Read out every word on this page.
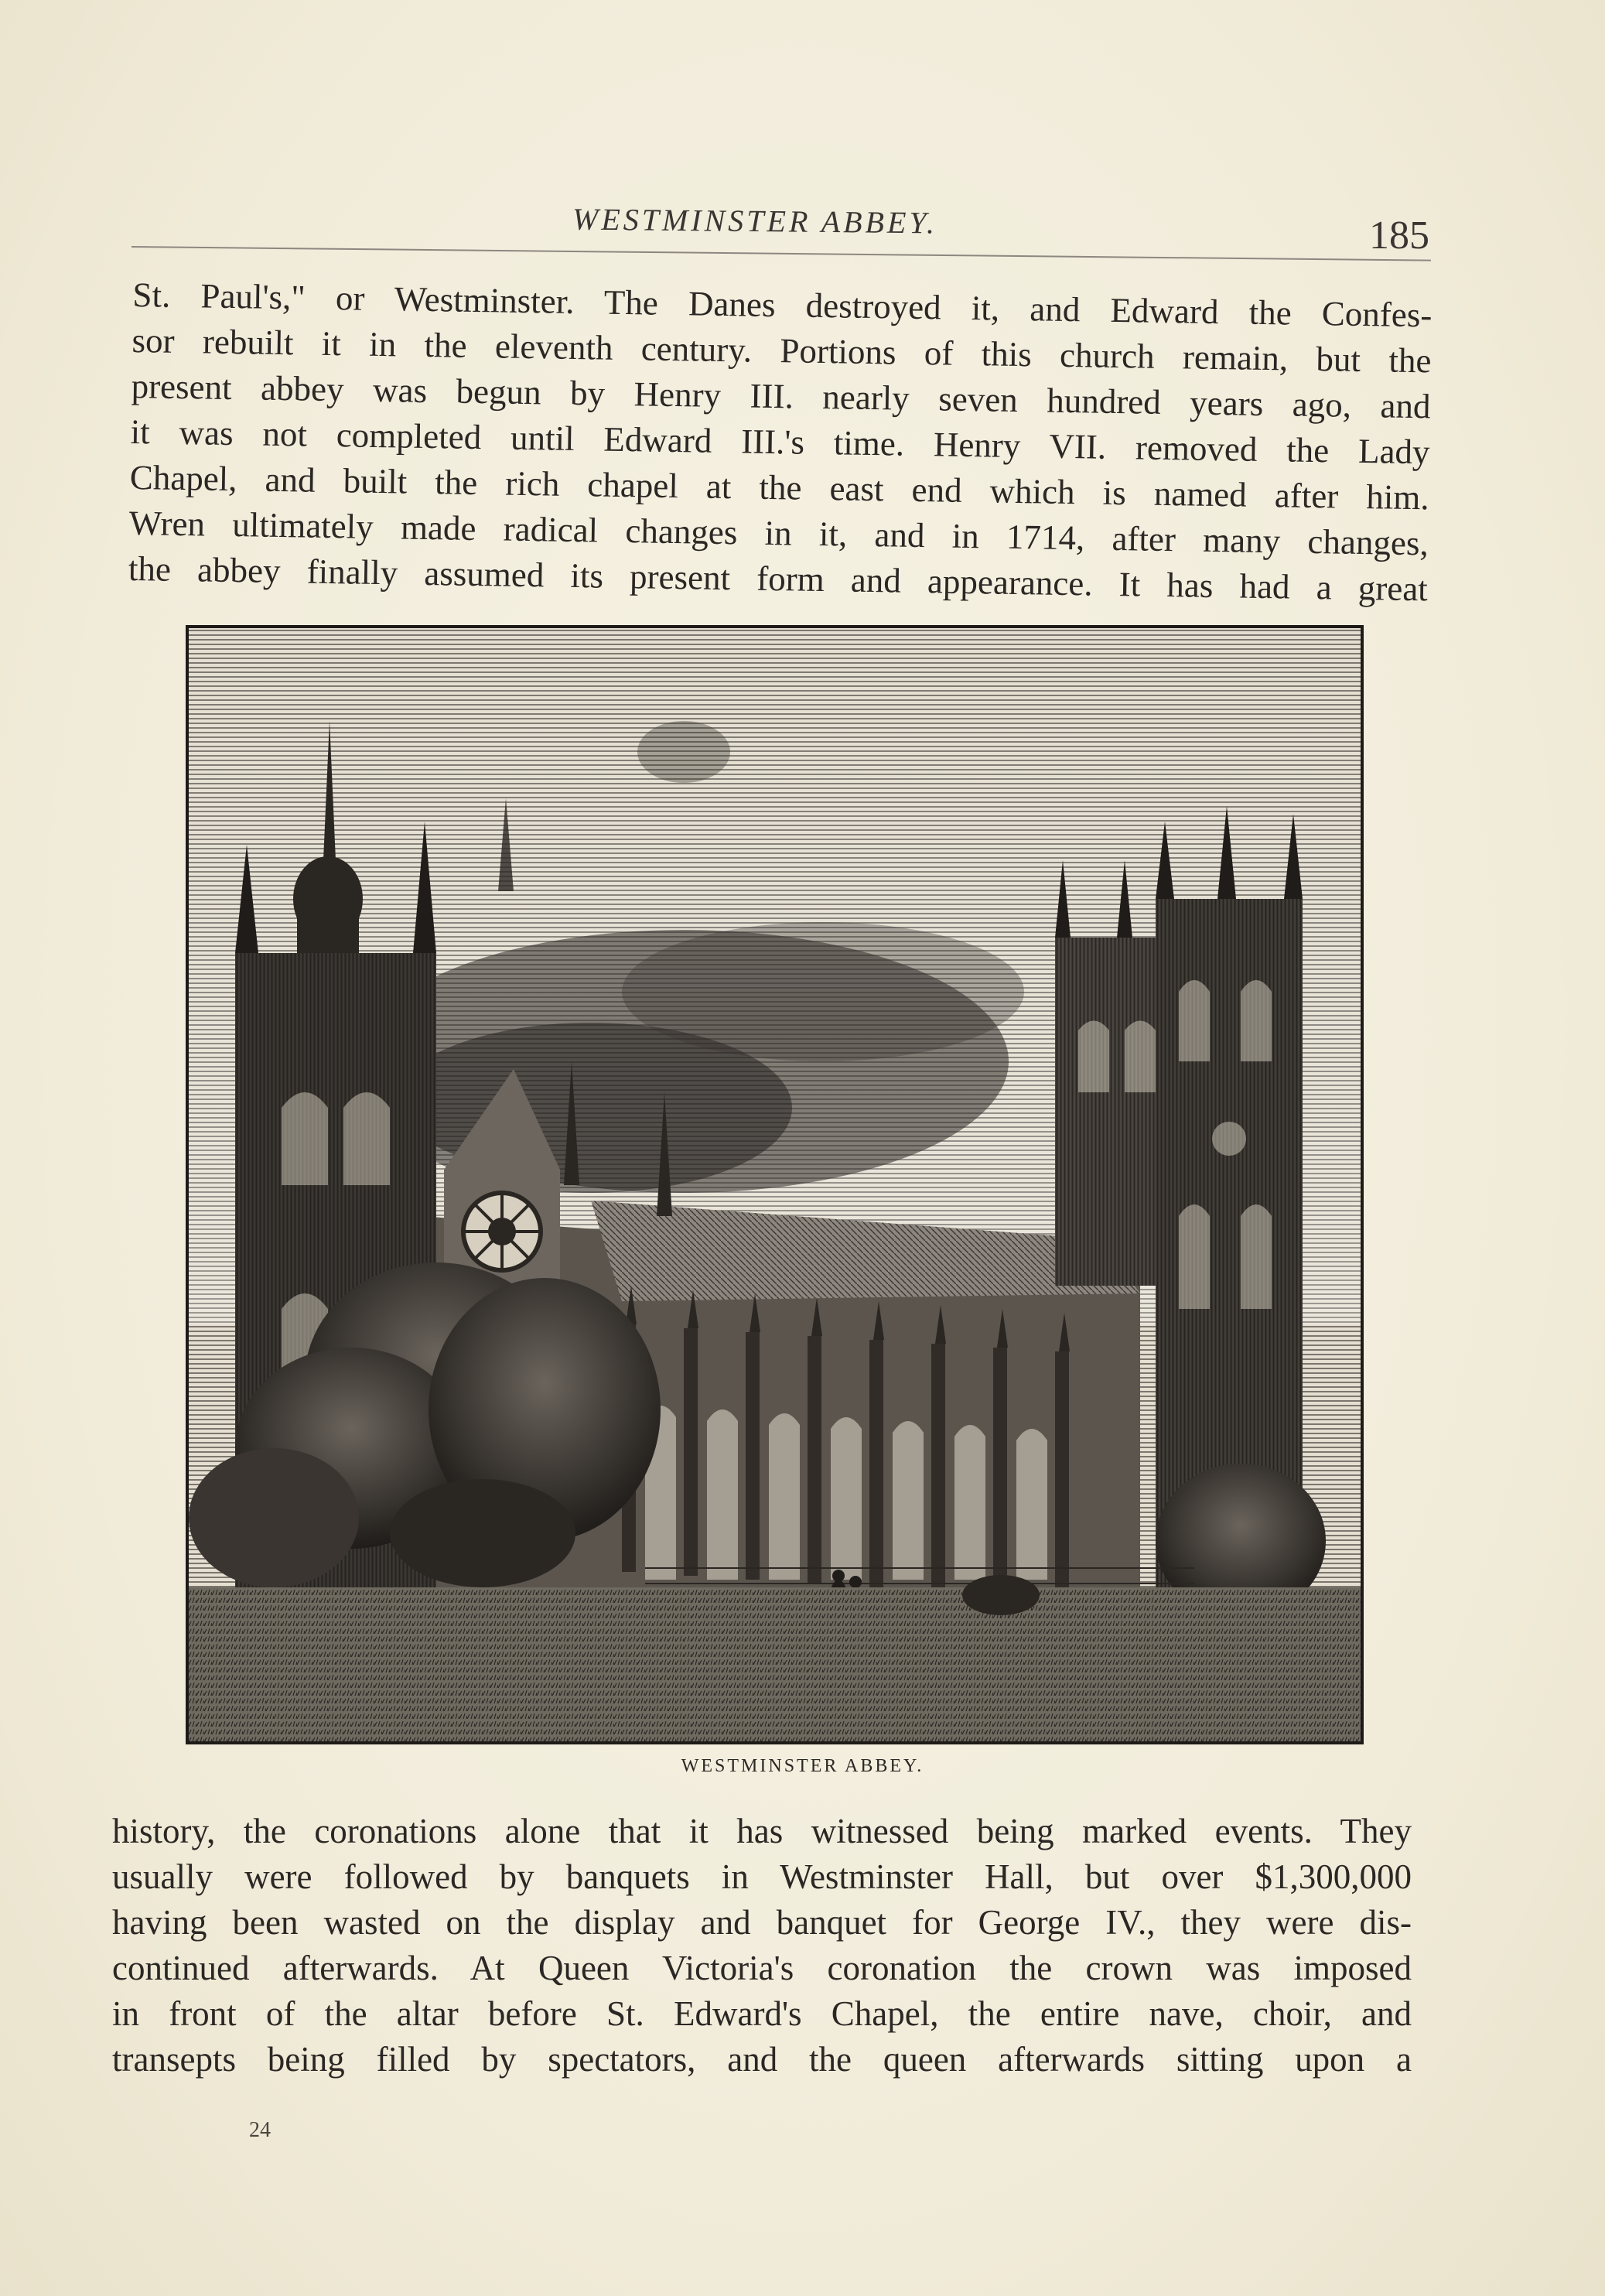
WESTMINSTER ABBEY.	185
St. Paul's," or Westminster. The Danes destroyed it, and Edward the Confes-
sor rebuilt it in the eleventh century. Portions of this church remain, but the
present abbey was begun by Henry III. nearly seven hundred years ago, and
it was not completed until Edward III.'s time. Henry VII. removed the Lady
Chapel, and built the rich chapel at the east end which is named after him.
Wren ultimately made radical changes in it, and in 1714, after many changes,
the abbey finally assumed its present form and appearance. It has had a great
WESTMINSTER ABBEY.
history, the coronations alone that it has witnessed being marked events. They
usually were followed by banquets in Westminster Hall, but over $1,300,000
having been wasted on the display and banquet for George IV., they were dis-
continued afterwards. At Queen Victoria's coronation the crown was imposed
in front of the altar before St. Edward's Chapel, the entire nave, choir, and
transepts being filled by spectators, and the queen afterwards sitting upon a
24
